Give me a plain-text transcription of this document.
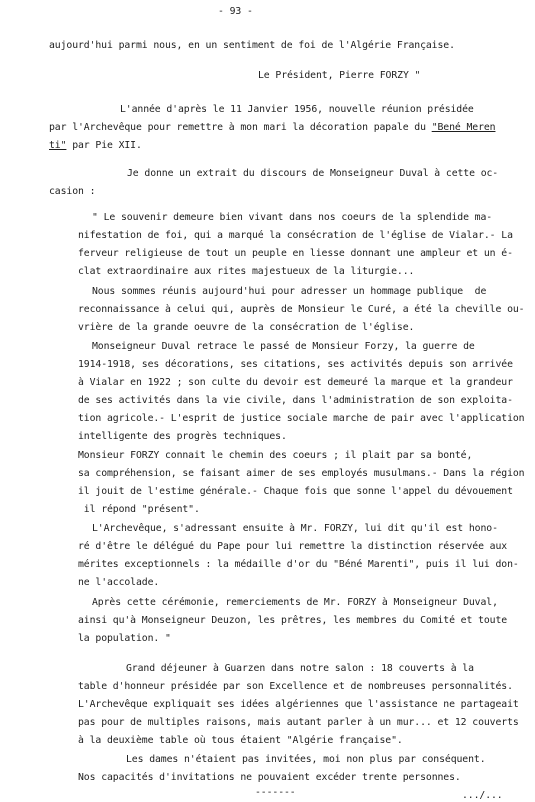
- 93 -
aujourd'hui parmi nous, en un sentiment de foi de l'Algérie Française.
Le Président, Pierre FORZY "
L'année d'après le 11 Janvier 1956, nouvelle réunion présidée
par l'Archevêque pour remettre à mon mari la décoration papale du "Bené Meren
ti" par Pie XII.
Je donne un extrait du discours de Monseigneur Duval à cette oc-
casion :
" Le souvenir demeure bien vivant dans nos coeurs de la splendide ma-
nifestation de foi, qui a marqué la consécration de l'église de Vialar.- La
ferveur religieuse de tout un peuple en liesse donnant une ampleur et un é-
clat extraordinaire aux rites majestueux de la liturgie...
Nous sommes réunis aujourd'hui pour adresser un hommage publique  de
reconnaissance à celui qui, auprès de Monsieur le Curé, a été la cheville ou-
vrière de la grande oeuvre de la consécration de l'église.
Monseigneur Duval retrace le passé de Monsieur Forzy, la guerre de
1914-1918, ses décorations, ses citations, ses activités depuis son arrivée
à Vialar en 1922 ; son culte du devoir est demeuré la marque et la grandeur
de ses activités dans la vie civile, dans l'administration de son exploita-
tion agricole.- L'esprit de justice sociale marche de pair avec l'application
intelligente des progrès techniques.
Monsieur FORZY connait le chemin des coeurs ; il plait par sa bonté,
sa compréhension, se faisant aimer de ses employés musulmans.- Dans la région
il jouit de l'estime générale.- Chaque fois que sonne l'appel du dévouement
il répond "présent".
L'Archevêque, s'adressant ensuite à Mr. FORZY, lui dit qu'il est hono-
ré d'être le délégué du Pape pour lui remettre la distinction réservée aux
mérites exceptionnels : la médaille d'or du "Béné Marenti", puis il lui don-
ne l'accolade.
Après cette cérémonie, remerciements de Mr. FORZY à Monseigneur Duval,
ainsi qu'à Monseigneur Deuzon, les prêtres, les membres du Comité et toute
la population. "
Grand déjeuner à Guarzen dans notre salon : 18 couverts à la
table d'honneur présidée par son Excellence et de nombreuses personnalités.
L'Archevêque expliquait ses idées algériennes que l'assistance ne partageait
pas pour de multiples raisons, mais autant parler à un mur... et 12 couverts
à la deuxième table où tous étaient "Algérie française".
Les dames n'étaient pas invitées, moi non plus par conséquent.
Nos capacités d'invitations ne pouvaient excéder trente personnes.
-------	.../...
